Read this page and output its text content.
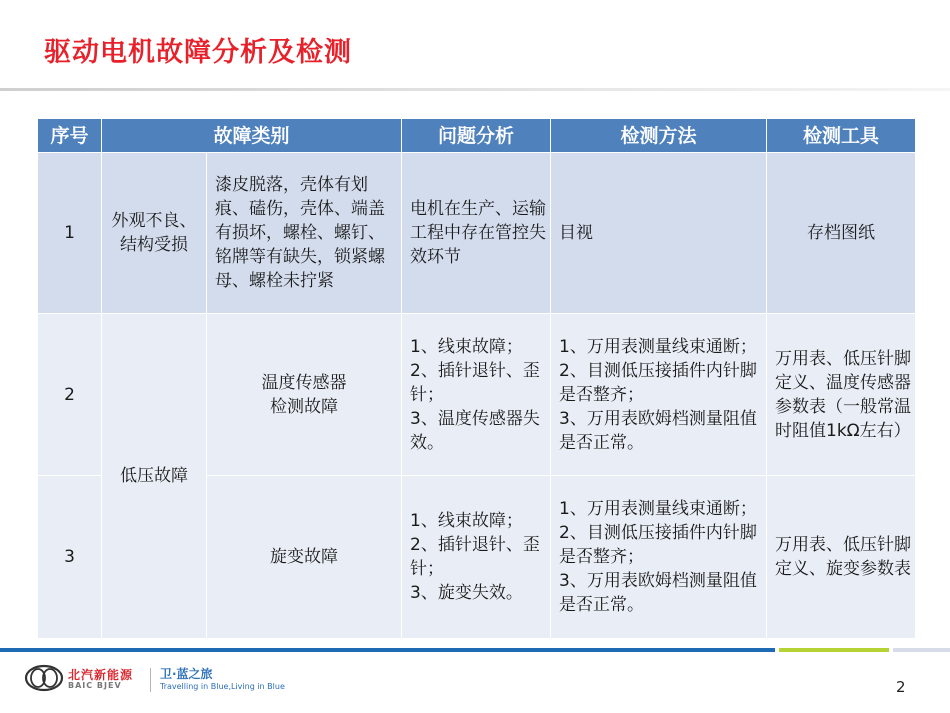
驱动电机故障分析及检测
序号	故障类别		问题分析	检测方法	检测工具
1	外观不良、
结构受损	漆皮脱落，壳体有划痕、磕伤，壳体、端盖有损坏，螺栓、螺钉、铭牌等有缺失，锁紧螺母、螺栓未拧紧	电机在生产、运输工程中存在管控失效环节	目视	存档图纸
2	低压故障	温度传感器
检测故障	1、线束故障；
2、插针退针、歪针；
3、温度传感器失效。	1、万用表测量线束通断；
2、目测低压接插件内针脚是否整齐；
3、万用表欧姆档测量阻值是否正常。	万用表、低压针脚定义、温度传感器参数表（一般常温时阻值1kΩ左右）
3		旋变故障	1、线束故障；
2、插针退针、歪针；
3、旋变失效。	1、万用表测量线束通断；
2、目测低压接插件内针脚是否整齐；
3、万用表欧姆档测量阻值是否正常。	万用表、低压针脚定义、旋变参数表
北汽新能源
BAIC BJEV
卫·蓝之旅
Travelling in Blue,Living in Blue	2
